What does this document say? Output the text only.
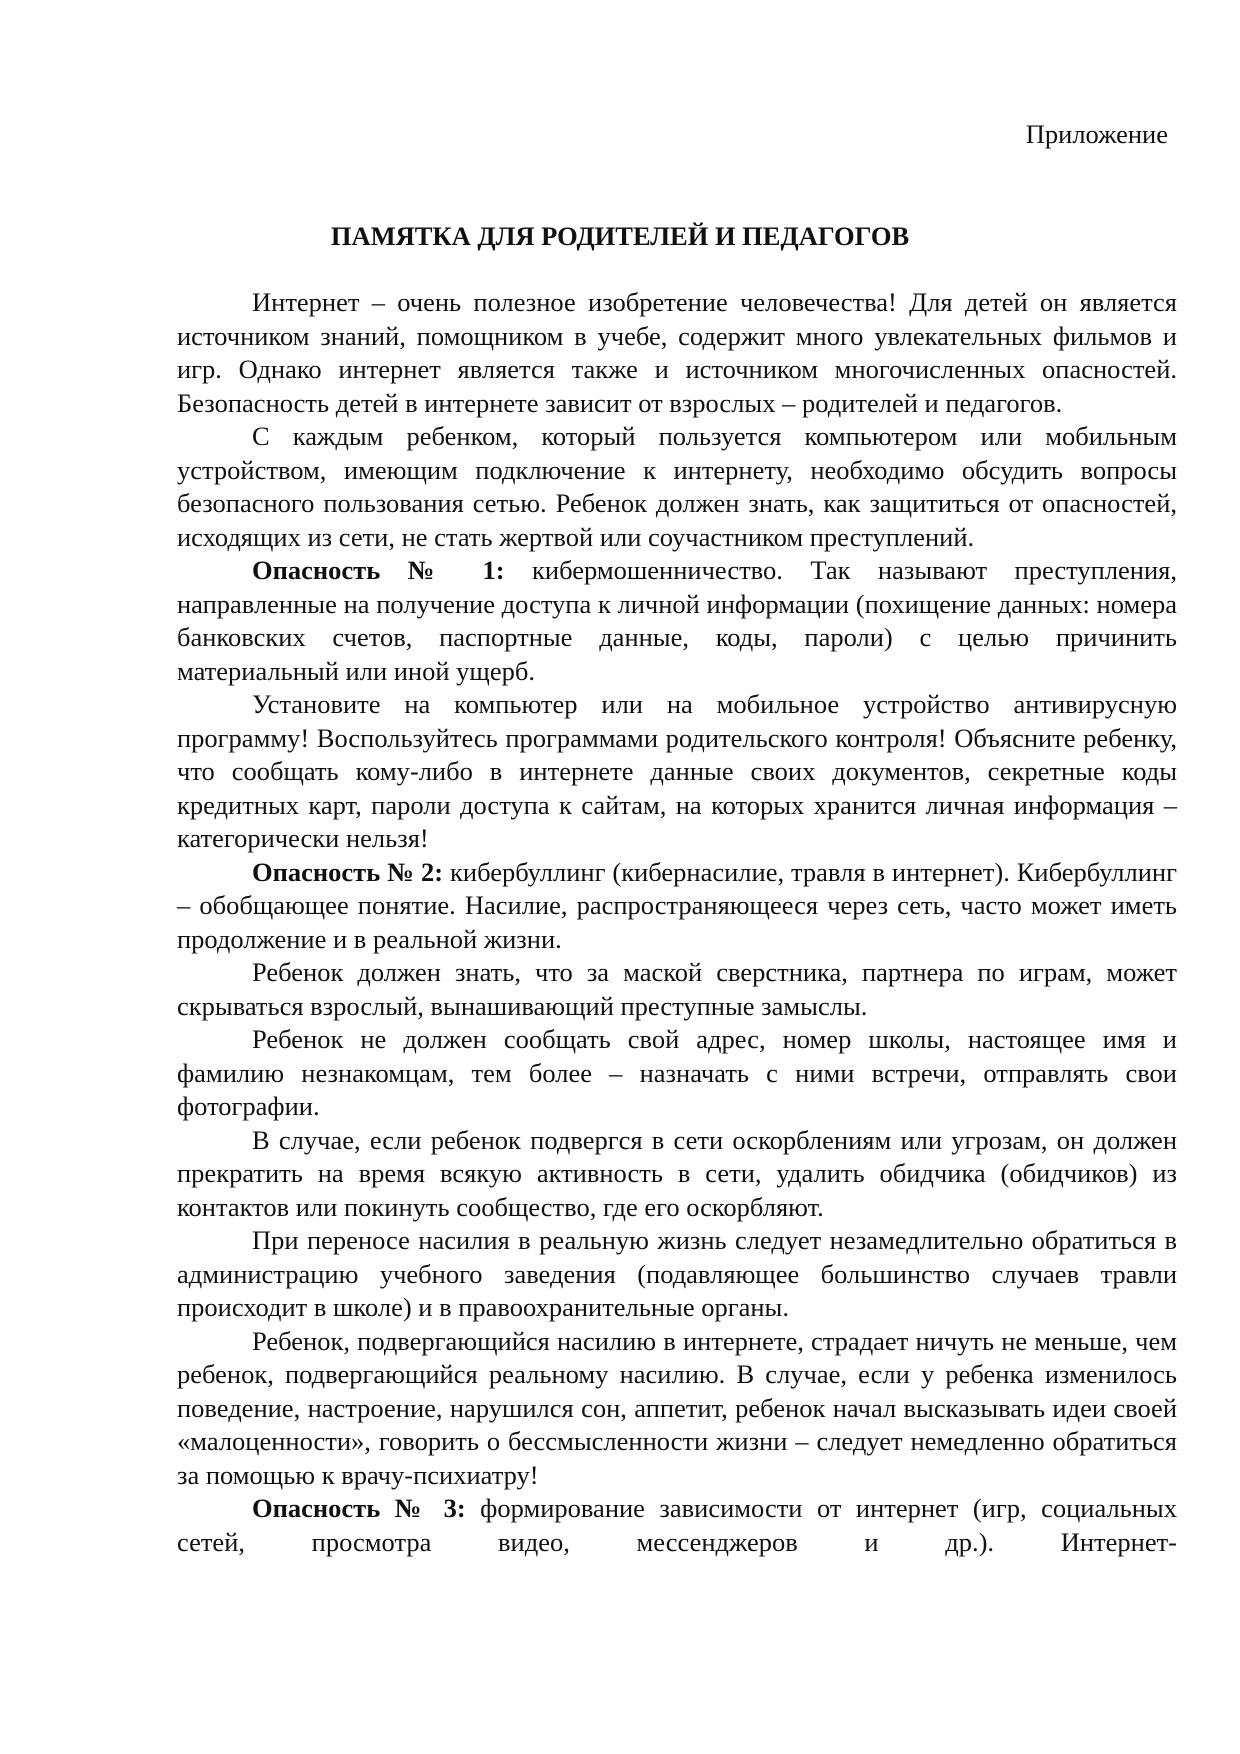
Приложение
ПАМЯТКА ДЛЯ РОДИТЕЛЕЙ И ПЕДАГОГОВ

Интернет – очень полезное изобретение человечества! Для детей он является источником знаний, помощником в учебе, содержит много увлекательных фильмов и игр. Однако интернет является также и источником многочисленных опасностей. Безопасность детей в интернете зависит от взрослых – родителей и педагогов.

С каждым ребенком, который пользуется компьютером или мобильным устройством, имеющим подключение к интернету, необходимо обсудить вопросы безопасного пользования сетью. Ребенок должен знать, как защититься от опасностей, исходящих из сети, не стать жертвой или соучастником преступлений.

Опасность № 1: кибермошенничество. Так называют преступления, направленные на получение доступа к личной информации (похищение данных: номера банковских счетов, паспортные данные, коды, пароли) с целью причинить материальный или иной ущерб.

Установите на компьютер или на мобильное устройство антивирусную программу! Воспользуйтесь программами родительского контроля! Объясните ребенку, что сообщать кому-либо в интернете данные своих документов, секретные коды кредитных карт, пароли доступа к сайтам, на которых хранится личная информация – категорически нельзя!

Опасность № 2: кибербуллинг (кибернасилие, травля в интернет). Кибербуллинг – обобщающее понятие. Насилие, распространяющееся через сеть, часто может иметь продолжение и в реальной жизни.

Ребенок должен знать, что за маской сверстника, партнера по играм, может скрываться взрослый, вынашивающий преступные замыслы.

Ребенок не должен сообщать свой адрес, номер школы, настоящее имя и фамилию незнакомцам, тем более – назначать с ними встречи, отправлять свои фотографии.

В случае, если ребенок подвергся в сети оскорблениям или угрозам, он должен прекратить на время всякую активность в сети, удалить обидчика (обидчиков) из контактов или покинуть сообщество, где его оскорбляют.

При переносе насилия в реальную жизнь следует незамедлительно обратиться в администрацию учебного заведения (подавляющее большинство случаев травли происходит в школе) и в правоохранительные органы.

Ребенок, подвергающийся насилию в интернете, страдает ничуть не меньше, чем ребенок, подвергающийся реальному насилию. В случае, если у ребенка изменилось поведение, настроение, нарушился сон, аппетит, ребенок начал высказывать идеи своей «малоценности», говорить о бессмысленности жизни – следует немедленно обратиться за помощью к врачу-психиатру!

Опасность № 3: формирование зависимости от интернет (игр, социальных сетей, просмотра видео, мессенджеров и др.). Интернет-
